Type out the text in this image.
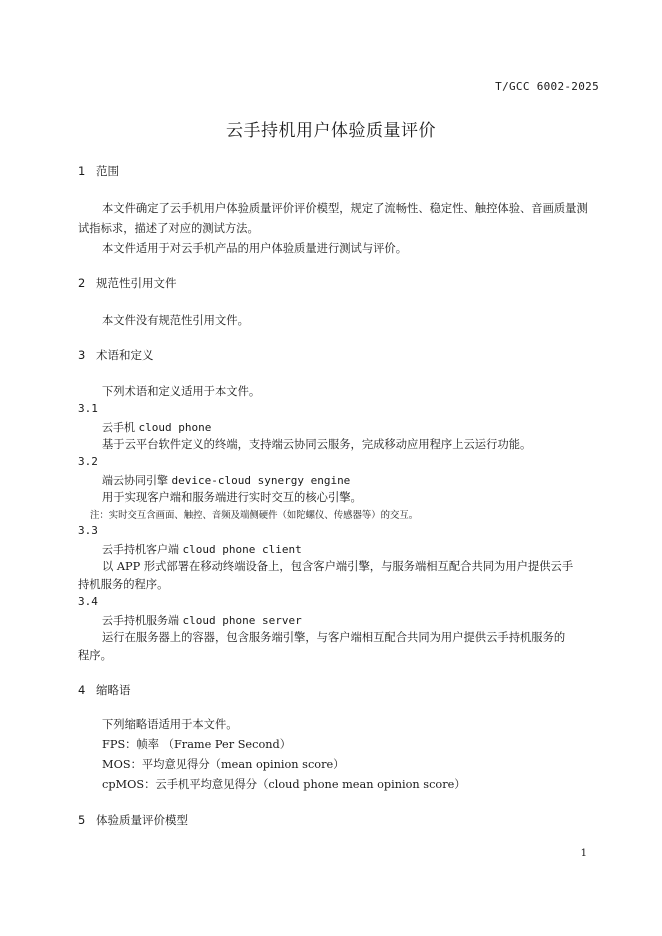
T/GCC 6002-2025
云手持机用户体验质量评价
1 范围
本文件确定了云手机用户体验质量评价评价模型，规定了流畅性、稳定性、触控体验、音画质量测
试指标求，描述了对应的测试方法。
本文件适用于对云手机产品的用户体验质量进行测试与评价。
2 规范性引用文件
本文件没有规范性引用文件。
3 术语和定义
下列术语和定义适用于本文件。
3.1
云手机 cloud phone
基于云平台软件定义的终端，支持端云协同云服务，完成移动应用程序上云运行功能。
3.2
端云协同引擎 device-cloud synergy engine
用于实现客户端和服务端进行实时交互的核心引擎。
注：实时交互含画面、触控、音频及端侧硬件（如陀螺仪、传感器等）的交互。
3.3
云手持机客户端 cloud phone client
以 APP 形式部署在移动终端设备上，包含客户端引擎，与服务端相互配合共同为用户提供云手
持机服务的程序。
3.4
云手持机服务端 cloud phone server
运行在服务器上的容器，包含服务端引擎，与客户端相互配合共同为用户提供云手持机服务的
程序。
4 缩略语
下列缩略语适用于本文件。
FPS：帧率 （Frame Per Second）
MOS：平均意见得分（mean opinion score）
cpMOS：云手机平均意见得分（cloud phone mean opinion score）
5 体验质量评价模型
1
